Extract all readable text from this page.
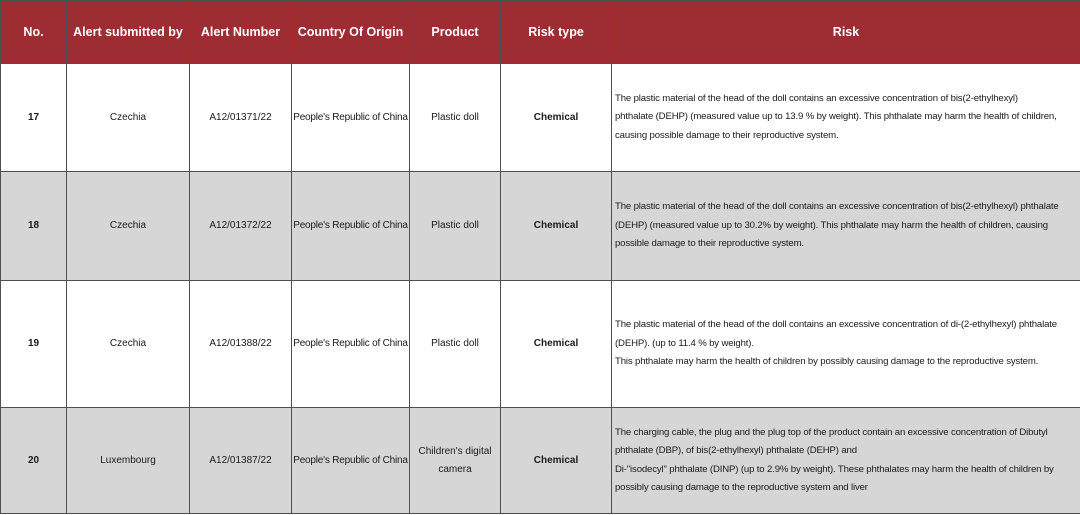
No.	Alert submitted by	Alert Number	Country Of Origin	Product	Risk type	Risk
17	Czechia	A12/01371/22	People's Republic of China	Plastic doll	Chemical	The plastic material of the head of the doll contains an excessive concentration of bis(2-ethylhexyl)

phthalate (DEHP) (measured value up to 13.9 % by weight). This phthalate may harm the health of children,

causing possible damage to their reproductive system.

18	Czechia	A12/01372/22	People's Republic of China	Plastic doll	Chemical	The plastic material of the head of the doll contains an excessive concentration of bis(2-ethylhexyl) phthalate

(DEHP) (measured value up to 30.2% by weight). This phthalate may harm the health of children, causing

possible damage to their reproductive system.

19	Czechia	A12/01388/22	People's Republic of China	Plastic doll	Chemical	The plastic material of the head of the doll contains an excessive concentration of di-(2-ethylhexyl) phthalate

(DEHP). (up to 11.4 % by weight).

This phthalate may harm the health of children by possibly causing damage to the reproductive system.

20	Luxembourg	A12/01387/22	People's Republic of China	Children's digital camera	Chemical	The charging cable, the plug and the plug top of the product contain an excessive concentration of Dibutyl

phthalate (DBP), of bis(2-ethylhexyl) phthalate (DEHP) and

Di-"isodecyl" phthalate (DINP) (up to 2.9% by weight). These phthalates may harm the health of children by

possibly causing damage to the reproductive system and liver
